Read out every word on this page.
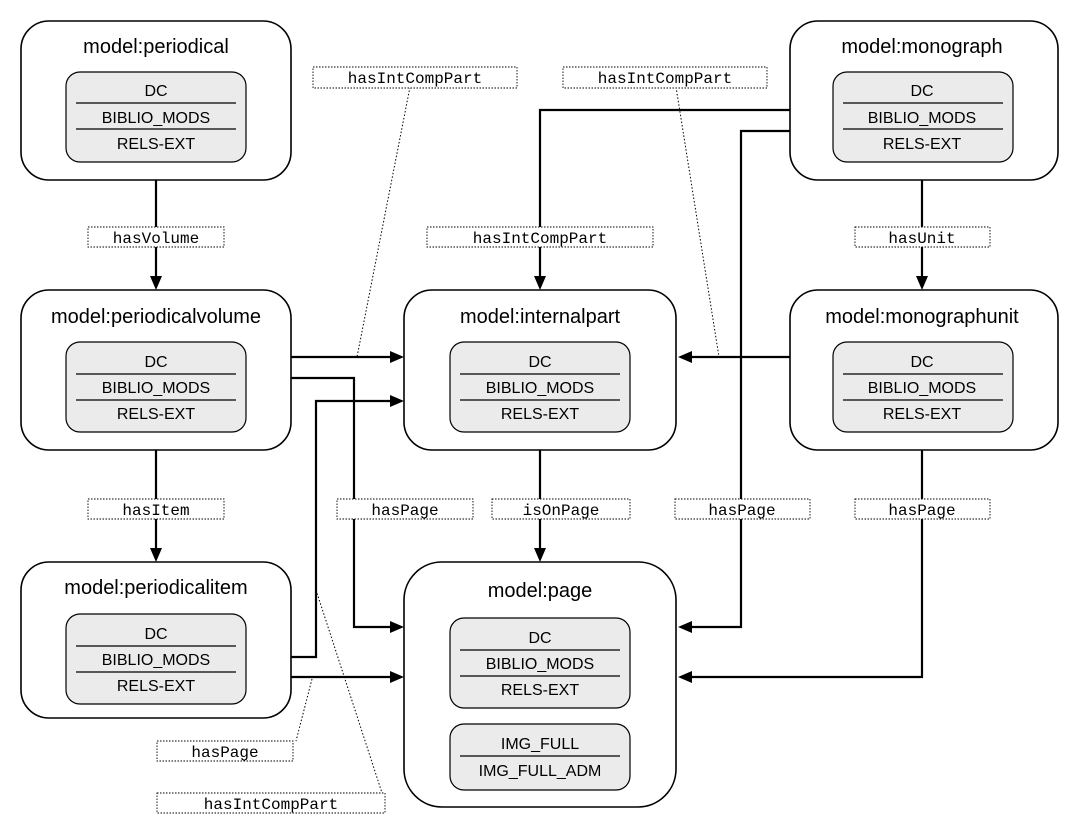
model:periodical
DC
BIBLIO_MODS
RELS-EXT
model:monograph
DC
BIBLIO_MODS
RELS-EXT
model:periodicalvolume
DC
BIBLIO_MODS
RELS-EXT
model:internalpart
DC
BIBLIO_MODS
RELS-EXT
model:monographunit
DC
BIBLIO_MODS
RELS-EXT
model:periodicalitem
DC
BIBLIO_MODS
RELS-EXT
model:page
DC
BIBLIO_MODS
RELS-EXT
IMG_FULL
IMG_FULL_ADM
hasVolume
hasItem
hasUnit
isOnPage
hasIntCompPart	hasIntCompPart
hasIntCompPart
hasIntCompPart
hasPage	hasPage	hasPage
hasPage
